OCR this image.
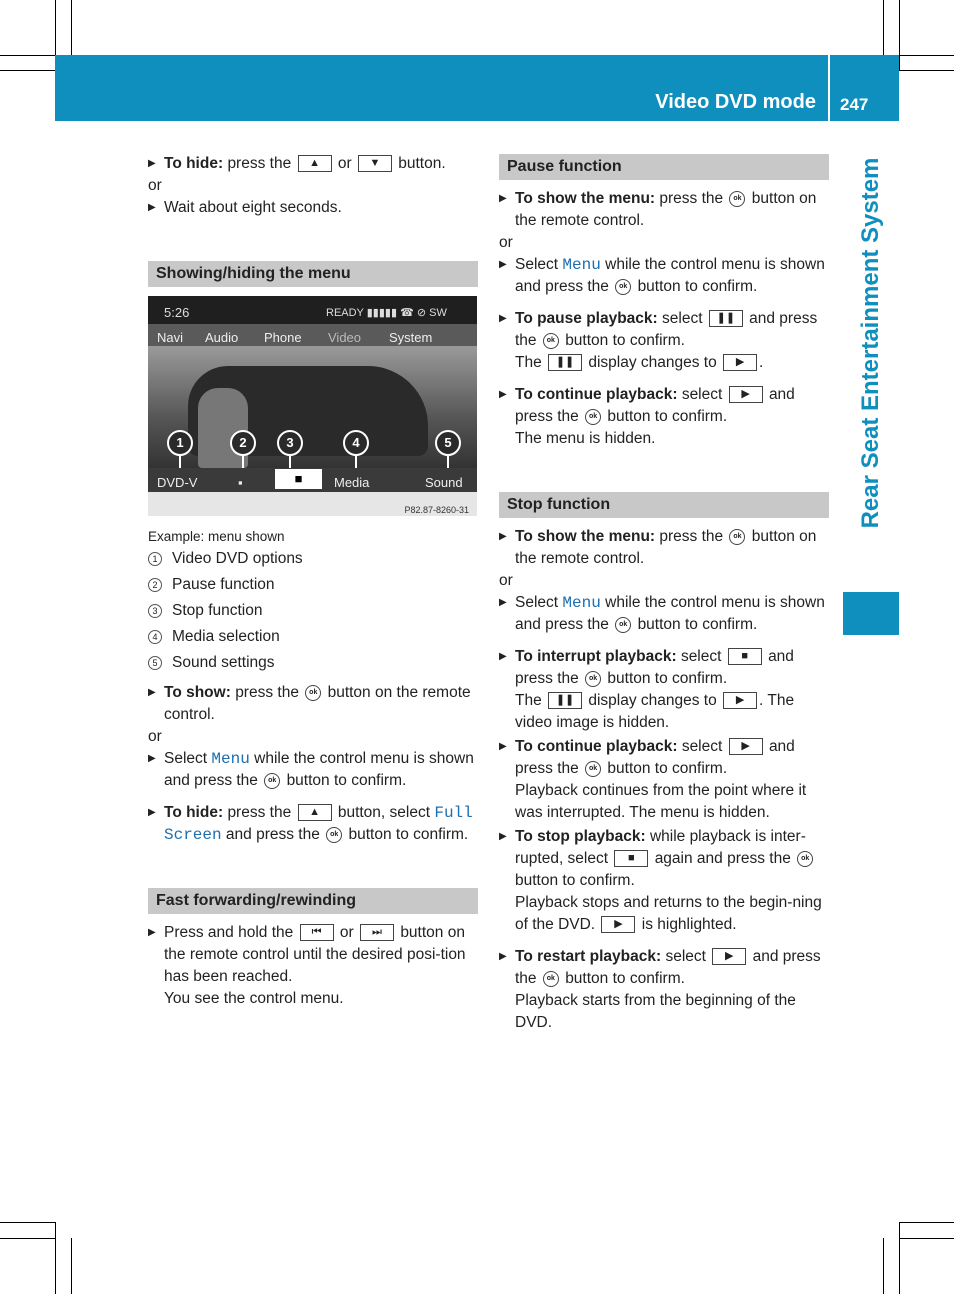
Video DVD mode 247
Rear Seat Entertainment System

▶ To hide: press the ▲ or ▼ button.

or

▶ Wait about eight seconds.

Showing/hiding the menu
5:26	READY ▮▮▮▮▮ ☎ ⊘ SW
Navi Audio Phone Video System
1	2	3	4	5
DVD-V	▪	■	Media	Sound
P82.87-8260-31

Example: menu shown

1 Video DVD options
2 Pause function
3 Stop function
4 Media selection
5 Sound settings

▶ To show: press the ok button on the remote control.

or

▶ Select Menu while the control menu is shown and press the ok button to confirm.

▶ To hide: press the ▲ button, select Full Screen and press the ok button to confirm.

Fast forwarding/rewinding

▶ Press and hold the ⏮ or ⏭ button on the remote control until the desired posi-tion has been reached.

You see the control menu.

Pause function

▶ To show the menu: press the ok button on the remote control.

or

▶ Select Menu while the control menu is shown and press the ok button to confirm.

▶ To pause playback: select ❚❚ and press the ok button to confirm.

The ❚❚ display changes to ▶ .

▶ To continue playback: select ▶ and press the ok button to confirm.

The menu is hidden.

Stop function

▶ To show the menu: press the ok button on the remote control.

or

▶ Select Menu while the control menu is shown and press the ok button to confirm.

▶ To interrupt playback: select ■ and press the ok button to confirm.

The ❚❚ display changes to ▶ . The video image is hidden.

▶ To continue playback: select ▶ and press the ok button to confirm.

Playback continues from the point where it was interrupted. The menu is hidden.

▶ To stop playback: while playback is inter-rupted, select ■ again and press the ok button to confirm.

Playback stops and returns to the begin-ning of the DVD. ▶ is highlighted.

▶ To restart playback: select ▶ and press the ok button to confirm.

Playback starts from the beginning of the DVD.
